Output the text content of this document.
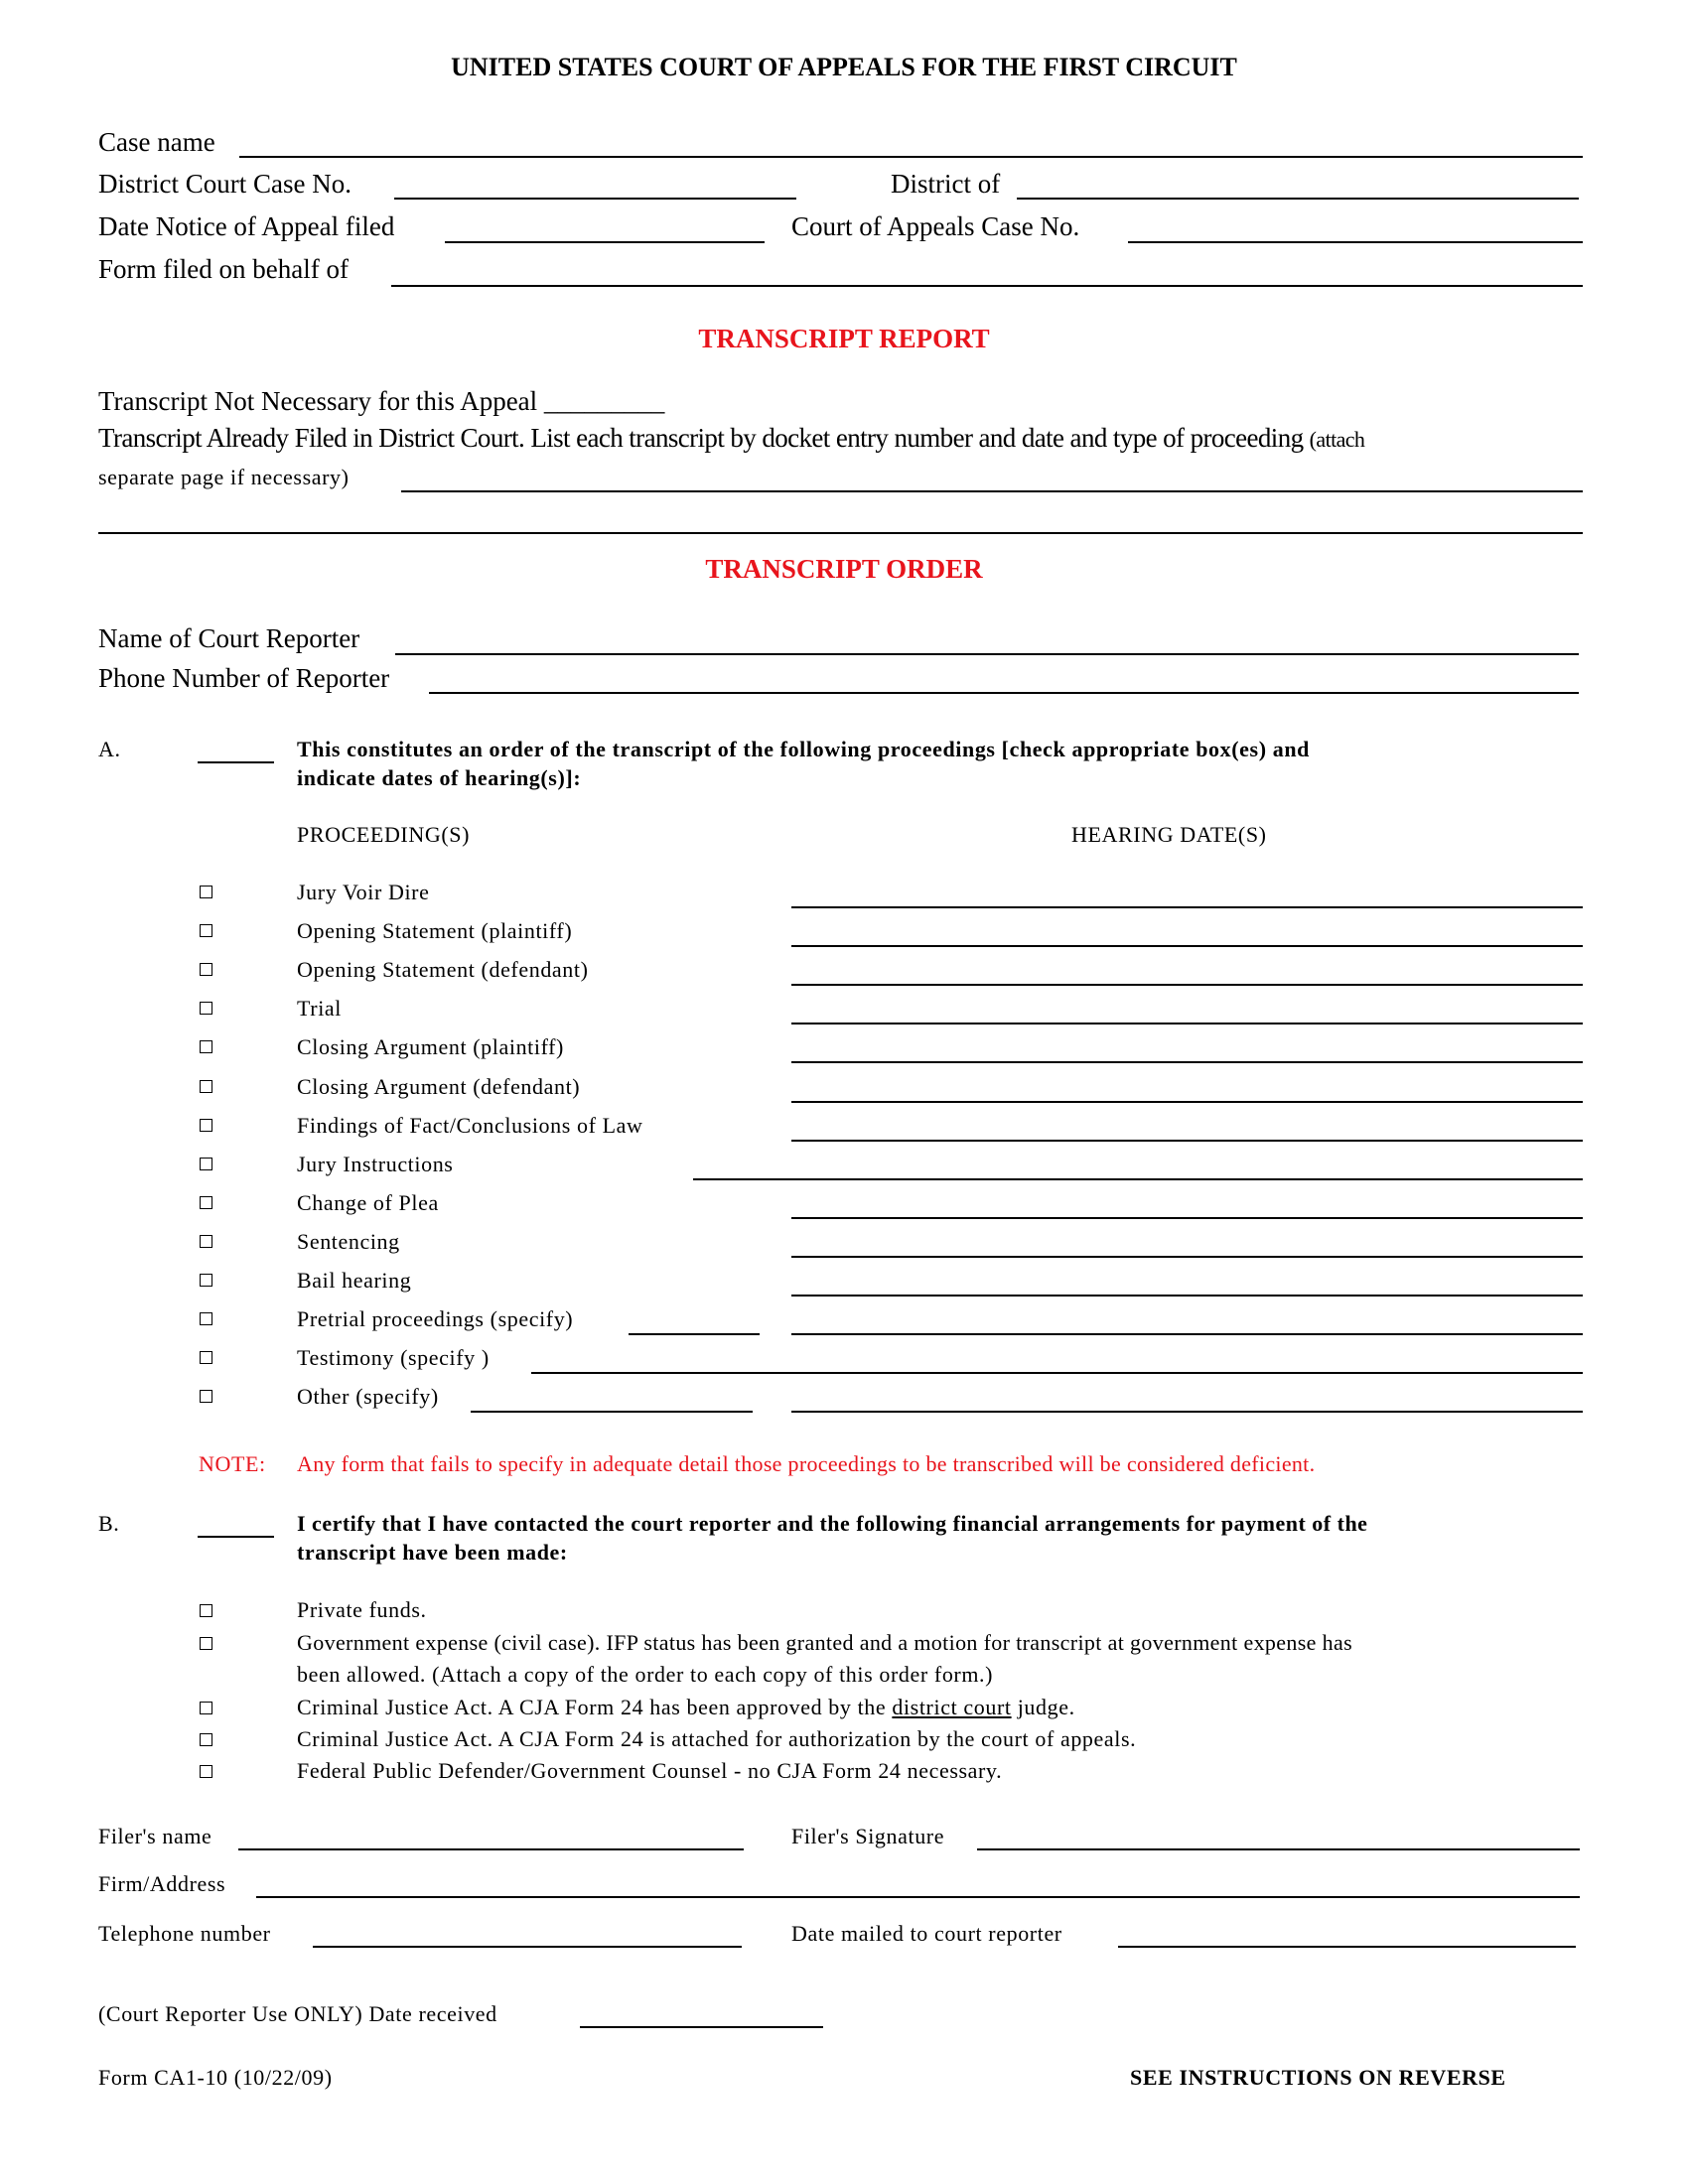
UNITED STATES COURT OF APPEALS FOR THE FIRST CIRCUIT
Case name
District Court Case No.	District of
Date Notice of Appeal filed	Court of Appeals Case No.
Form filed on behalf of
TRANSCRIPT REPORT
Transcript Not Necessary for this Appeal _________
Transcript Already Filed in District Court. List each transcript by docket entry number and date and type of proceeding (attach
separate page if necessary)
TRANSCRIPT ORDER
Name of Court Reporter
Phone Number of Reporter
A.	This constitutes an order of the transcript of the following proceedings [check appropriate box(es) and
indicate dates of hearing(s)]:
PROCEEDING(S)	HEARING DATE(S)
Jury Voir Dire
Opening Statement (plaintiff)
Opening Statement (defendant)
Trial
Closing Argument (plaintiff)
Closing Argument (defendant)
Findings of Fact/Conclusions of Law
Jury Instructions
Change of Plea
Sentencing
Bail hearing
Pretrial proceedings (specify)
Testimony (specify )
Other (specify)
NOTE: Any form that fails to specify in adequate detail those proceedings to be transcribed will be considered deficient.
B.	I certify that I have contacted the court reporter and the following financial arrangements for payment of the
transcript have been made:
Private funds.
Government expense (civil case). IFP status has been granted and a motion for transcript at government expense has
been allowed. (Attach a copy of the order to each copy of this order form.)
Criminal Justice Act. A CJA Form 24 has been approved by the district court judge.
Criminal Justice Act. A CJA Form 24 is attached for authorization by the court of appeals.
Federal Public Defender/Government Counsel - no CJA Form 24 necessary.
Filer's name	Filer's Signature
Firm/Address
Telephone number	Date mailed to court reporter
(Court Reporter Use ONLY) Date received
Form CA1-10 (10/22/09)	SEE INSTRUCTIONS ON REVERSE
